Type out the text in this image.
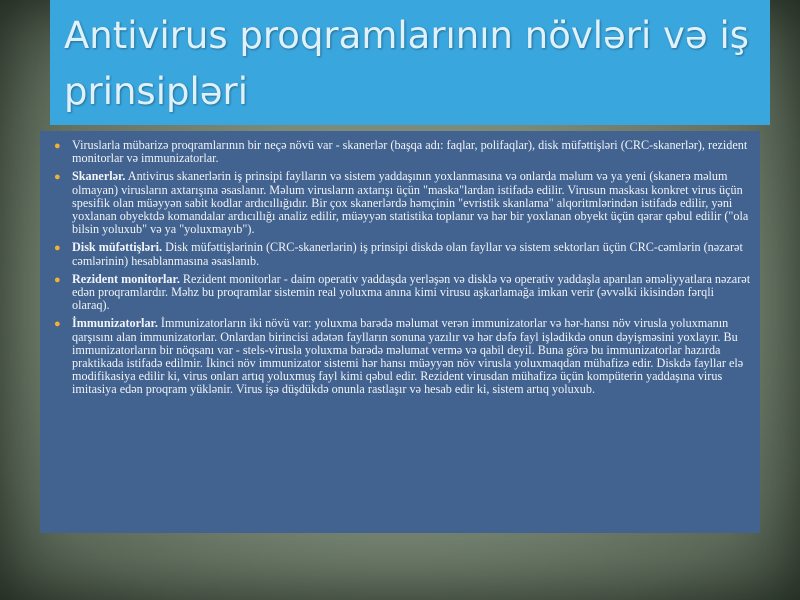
Antivirus proqramlarının növləri və iş prinsipləri
● Viruslarla mübarizə proqramlarının bir neçə növü var - skanerlər (başqa adı: faqlar, polifaqlar), disk müfəttişləri (CRC-skanerlər), rezident monitorlar və immunizatorlar.
● Skanerlər. Antivirus skanerlərin iş prinsipi faylların və sistem yaddaşının yoxlanmasına və onlarda məlum və ya yeni (skanerə məlum olmayan) virusların axtarışına əsaslanır. Məlum virusların axtarışı üçün "maska"lardan istifadə edilir. Virusun maskası konkret virus üçün spesifik olan müəyyən sabit kodlar ardıcıllığıdır. Bir çox skanerlərdə həmçinin "evristik skanlama" alqoritmlərindən istifadə edilir, yəni yoxlanan obyektdə komandalar ardıcıllığı analiz edilir, müəyyən statistika toplanır və hər bir yoxlanan obyekt üçün qərar qəbul edilir ("ola bilsin yoluxub" və ya "yoluxmayıb").
● Disk müfəttişləri. Disk müfəttişlərinin (CRC-skanerlərin) iş prinsipi diskdə olan fayllar və sistem sektorları üçün CRC-cəmlərin (nəzarət cəmlərinin) hesablanmasına əsaslanıb.
● Rezident monitorlar. Rezident monitorlar - daim operativ yaddaşda yerləşən və disklə və operativ yaddaşla aparılan əməliyyatlara nəzarət edən proqramlardır. Məhz bu proqramlar sistemin real yoluxma anına kimi virusu aşkarlamağa imkan verir (əvvəlki ikisindən fərqli olaraq).
● İmmunizatorlar. İmmunizatorların iki növü var: yoluxma barədə məlumat verən immunizatorlar və hər-hansı növ virusla yoluxmanın qarşısını alan immunizatorlar. Onlardan birincisi adətən faylların sonuna yazılır və hər dəfə fayl işlədikdə onun dəyişməsini yoxlayır. Bu immunizatorların bir nöqsanı var - stels-virusla yoluxma barədə məlumat vermə və qabil deyil. Buna görə bu immunizatorlar hazırda praktikada istifadə edilmir. İkinci növ immunizator sistemi hər hansı müəyyən növ virusla yoluxmaqdan mühafizə edir. Diskdə fayllar elə modifikasiya edilir ki, virus onları artıq yoluxmuş fayl kimi qəbul edir. Rezident virusdan mühafizə üçün kompüterin yaddaşına virus imitasiya edən proqram yüklənir. Virus işə düşdükdə onunla rastlaşır və hesab edir ki, sistem artıq yoluxub.
